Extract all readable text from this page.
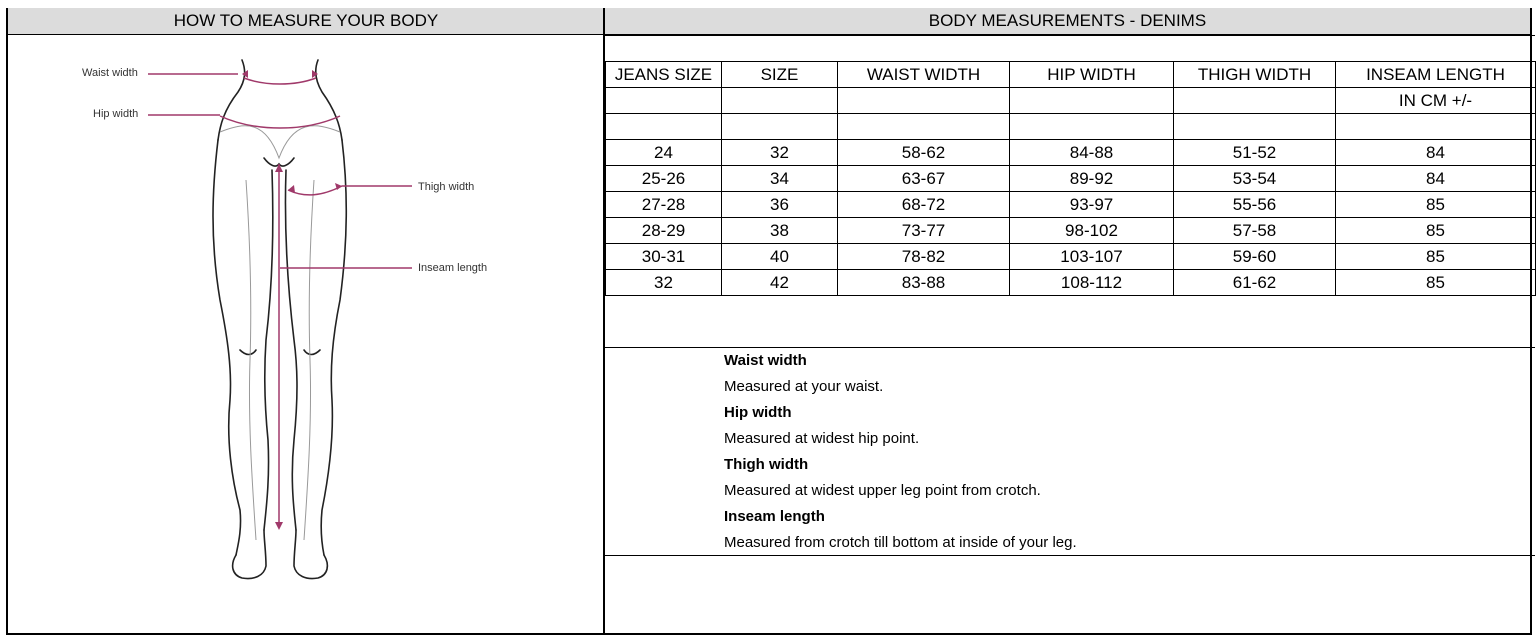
HOW TO MEASURE YOUR BODY	BODY MEASUREMENTS - DENIMS
Waist width
Hip width
Thigh width
Inseam length
JEANS SIZE	SIZE	WAIST WIDTH	HIP WIDTH	THIGH WIDTH	INSEAM LENGTH
					IN CM +/-

24	32	58-62	84-88	51-52	84
25-26	34	63-67	89-92	53-54	84
27-28	36	68-72	93-97	55-56	85
28-29	38	73-77	98-102	57-58	85
30-31	40	78-82	103-107	59-60	85
32	42	83-88	108-112	61-62	85
Waist width
Measured at your waist.
Hip width
Measured at widest hip point.
Thigh width
Measured at widest upper leg point from crotch.
Inseam length
Measured from crotch till bottom at inside of your leg.
